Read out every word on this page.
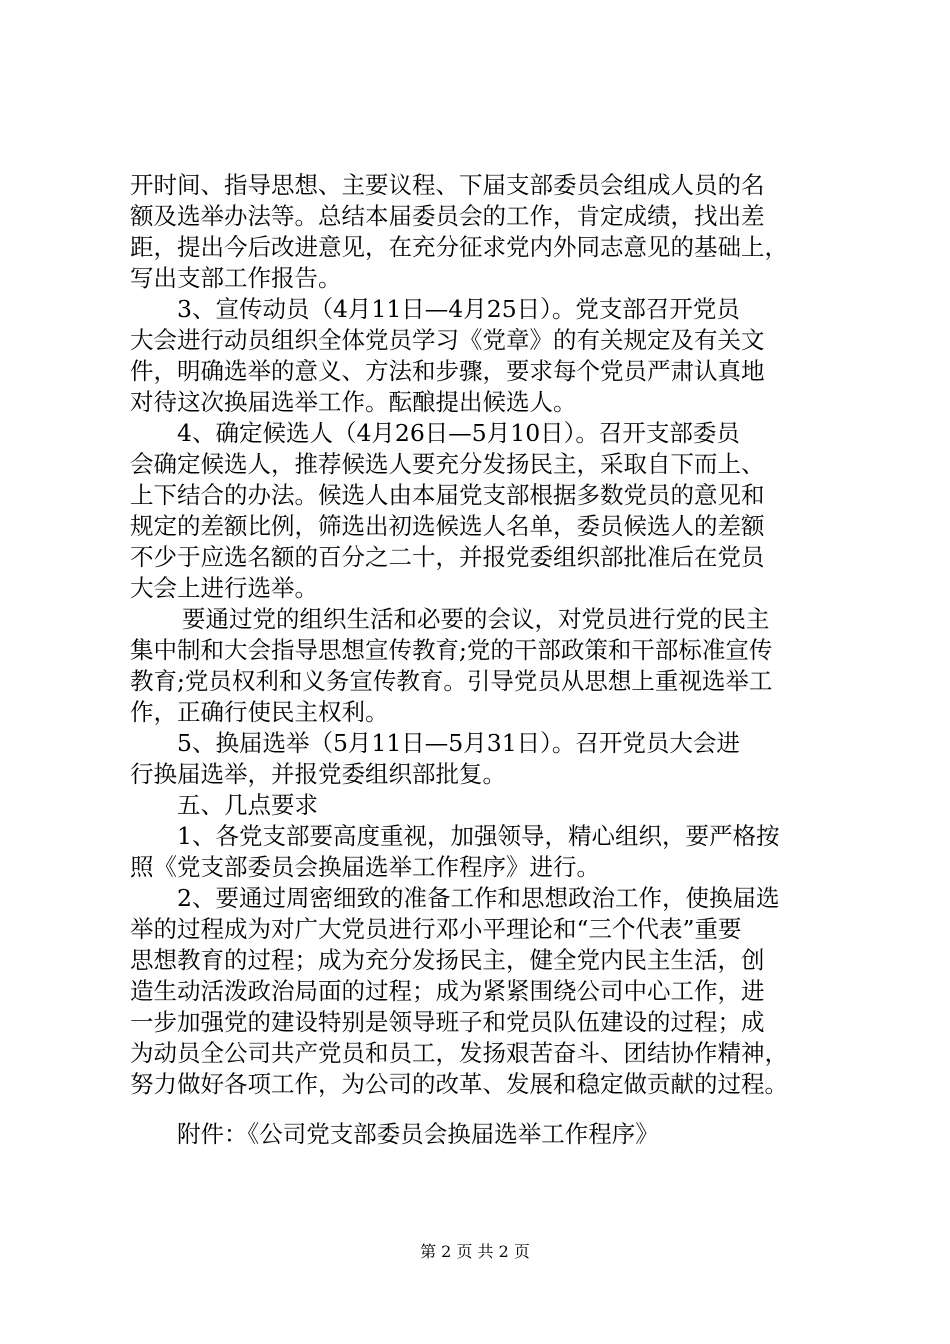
开时间、指导思想、主要议程、下届支部委员会组成人员的名
额及选举办法等。总结本届委员会的工作，肯定成绩，找出差
距，提出今后改进意见，在充分征求党内外同志意见的基础上，
写出支部工作报告。
3、宣传动员（4月11日—4月25日）。党支部召开党员
大会进行动员组织全体党员学习《党章》的有关规定及有关文
件，明确选举的意义、方法和步骤，要求每个党员严肃认真地
对待这次换届选举工作。酝酿提出候选人。
4、确定候选人（4月26日—5月10日）。召开支部委员
会确定候选人，推荐候选人要充分发扬民主，采取自下而上、
上下结合的办法。候选人由本届党支部根据多数党员的意见和
规定的差额比例，筛选出初选候选人名单，委员候选人的差额
不少于应选名额的百分之二十，并报党委组织部批准后在党员
大会上进行选举。
要通过党的组织生活和必要的会议，对党员进行党的民主
集中制和大会指导思想宣传教育;党的干部政策和干部标准宣传
教育;党员权利和义务宣传教育。引导党员从思想上重视选举工
作，正确行使民主权利。
5、换届选举（5月11日—5月31日）。召开党员大会进
行换届选举，并报党委组织部批复。
五、几点要求
1、各党支部要高度重视，加强领导，精心组织，要严格按
照《党支部委员会换届选举工作程序》进行。
2、要通过周密细致的准备工作和思想政治工作，使换届选
举的过程成为对广大党员进行邓小平理论和“三个代表”重要
思想教育的过程；成为充分发扬民主，健全党内民主生活，创
造生动活泼政治局面的过程；成为紧紧围绕公司中心工作，进
一步加强党的建设特别是领导班子和党员队伍建设的过程；成
为动员全公司共产党员和员工，发扬艰苦奋斗、团结协作精神，
努力做好各项工作，为公司的改革、发展和稳定做贡献的过程。
附件：《公司党支部委员会换届选举工作程序》
第 2 页 共 2 页
